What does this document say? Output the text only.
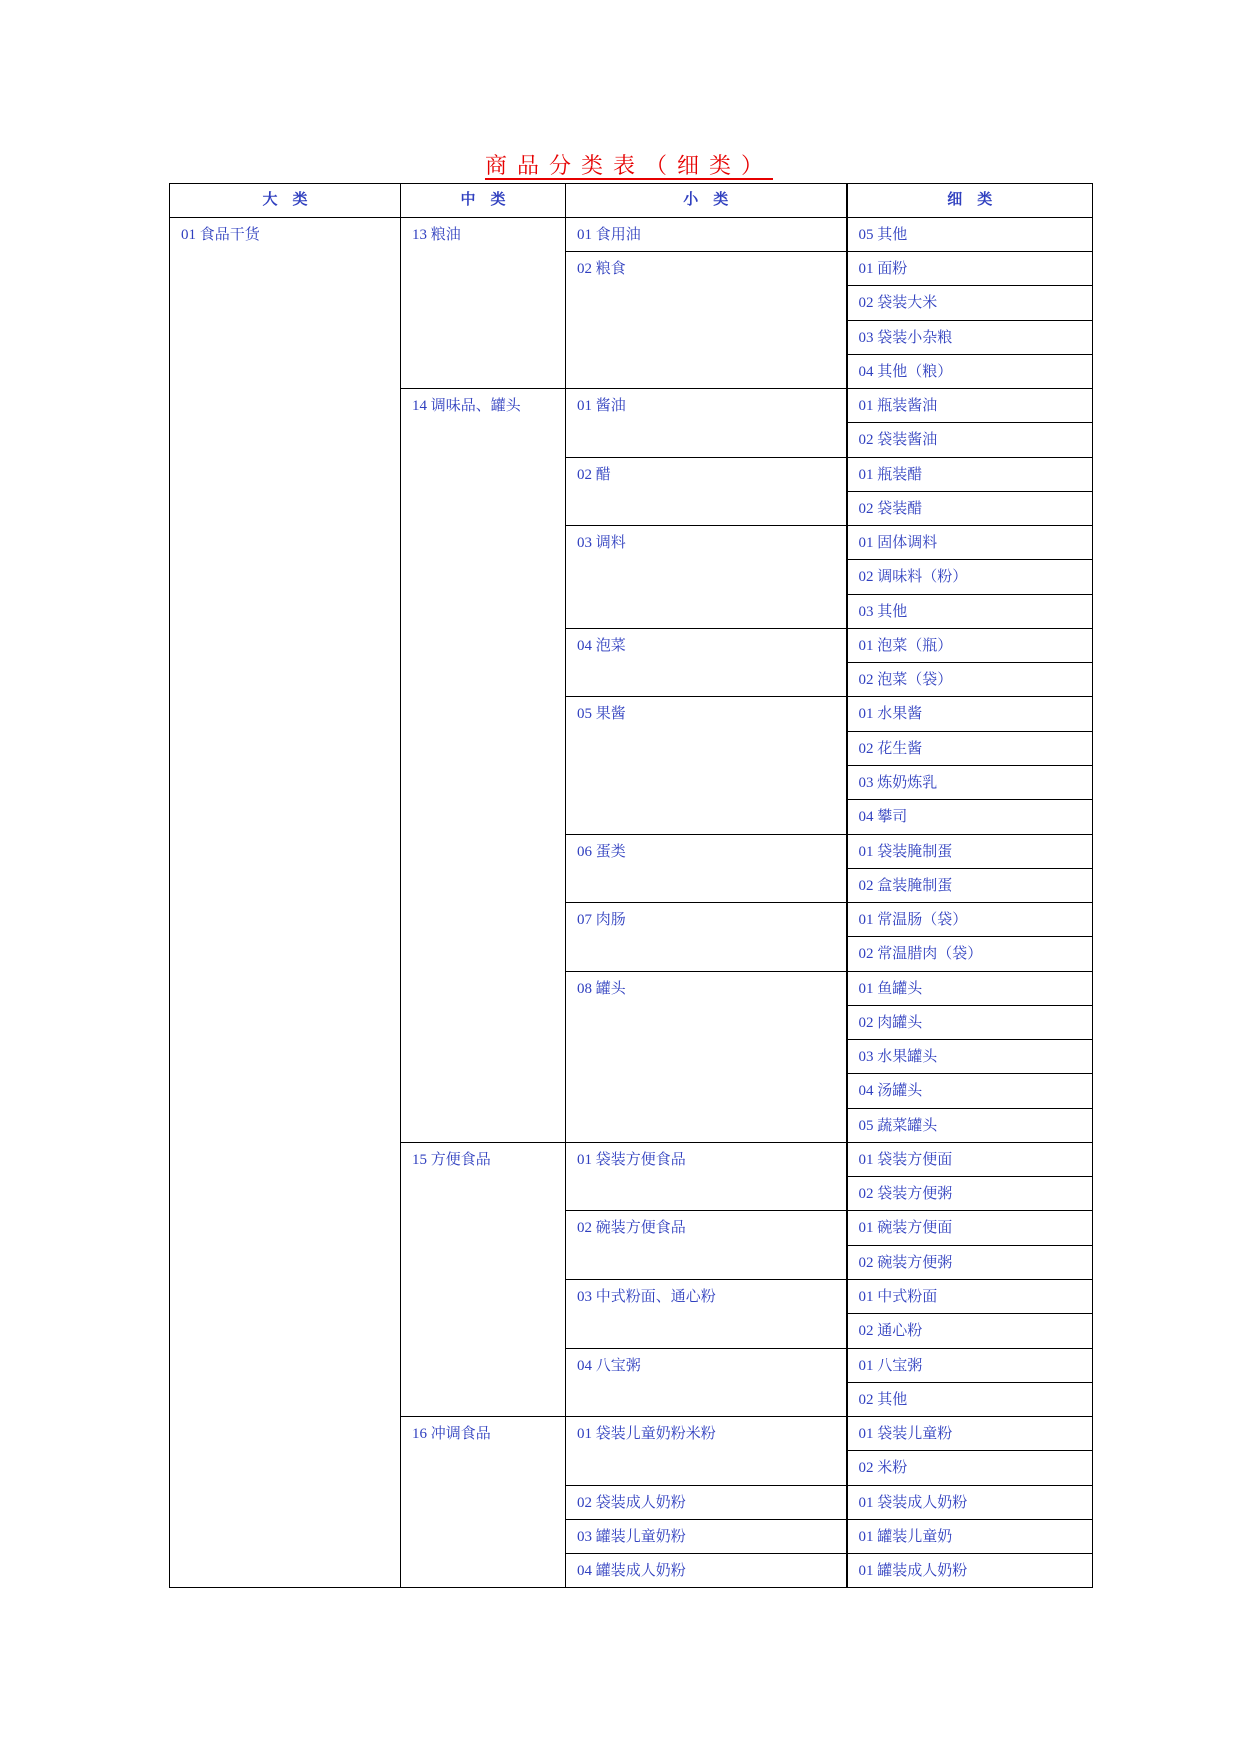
商品分类表（细类）
大　类	中　类	小　类	细　类
01 食品干货	13 粮油	01 食用油	05 其他
		02 粮食	01 面粉
			02 袋装大米
			03 袋装小杂粮
			04 其他（粮）
	14 调味品、罐头	01 酱油	01 瓶装酱油
			02 袋装酱油
		02 醋	01 瓶装醋
			02 袋装醋
		03 调料	01 固体调料
			02 调味料（粉）
			03 其他
		04 泡菜	01 泡菜（瓶）
			02 泡菜（袋）
		05 果酱	01 水果酱
			02 花生酱
			03 炼奶炼乳
			04 攀司
		06 蛋类	01 袋装腌制蛋
			02 盒装腌制蛋
		07 肉肠	01 常温肠（袋）
			02 常温腊肉（袋）
		08 罐头	01 鱼罐头
			02 肉罐头
			03 水果罐头
			04 汤罐头
			05 蔬菜罐头
	15 方便食品	01 袋装方便食品	01 袋装方便面
			02 袋装方便粥
		02 碗装方便食品	01 碗装方便面
			02 碗装方便粥
		03 中式粉面、通心粉	01 中式粉面
			02 通心粉
		04 八宝粥	01 八宝粥
			02 其他
	16 冲调食品	01 袋装儿童奶粉米粉	01 袋装儿童粉
			02 米粉
		02 袋装成人奶粉	01 袋装成人奶粉
		03 罐装儿童奶粉	01 罐装儿童奶
		04 罐装成人奶粉	01 罐装成人奶粉
